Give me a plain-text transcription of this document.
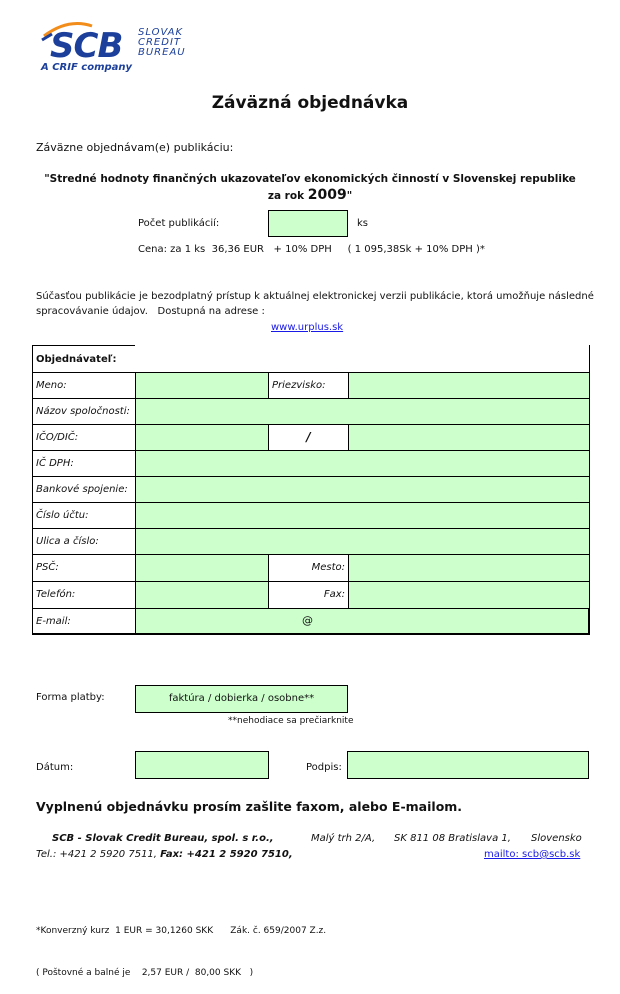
SCB SLOVAK
CREDIT
BUREAU
A CRIF company
Záväzná objednávka
Záväzne objednávam(e) publikáciu:
"Stredné hodnoty finančných ukazovateľov ekonomických činností v Slovenskej republike
za rok 2009"
Počet publikácií:	ks
Cena: za 1 ks  36,36 EUR   + 10% DPH     ( 1 095,38Sk + 10% DPH )*
Súčasťou publikácie je bezodplatný prístup k aktuálnej elektronickej verzii publikácie, ktorá umožňuje následné
spracovávanie údajov.   Dostupná na adrese :
www.urplus.sk
Objednávateľ:
Meno:	Priezvisko:
Názov spoločnosti:
IČO/DIČ:	/
IČ DPH:
Bankové spojenie:
Číslo účtu:
Ulica a číslo:
PSČ:	Mesto:
Telefón:	Fax:
E-mail:	@
Forma platby:	faktúra / dobierka / osobne**
**nehodiace sa prečiarknite
Dátum:	Podpis:
Vyplnenú objednávku prosím zašlite faxom, alebo E-mailom.
SCB - Slovak Credit Bureau, spol. s r.o.,	Malý trh 2/A, SK 811 08 Bratislava 1, Slovensko
Tel.: +421 2 5920 7511, Fax: +421 2 5920 7510,	mailto: scb@scb.sk

*Konverzný kurz  1 EUR = 30,1260 SKK      Zák. č. 659/2007 Z.z.

( Poštovné a balné je    2,57 EUR /  80,00 SKK   )
